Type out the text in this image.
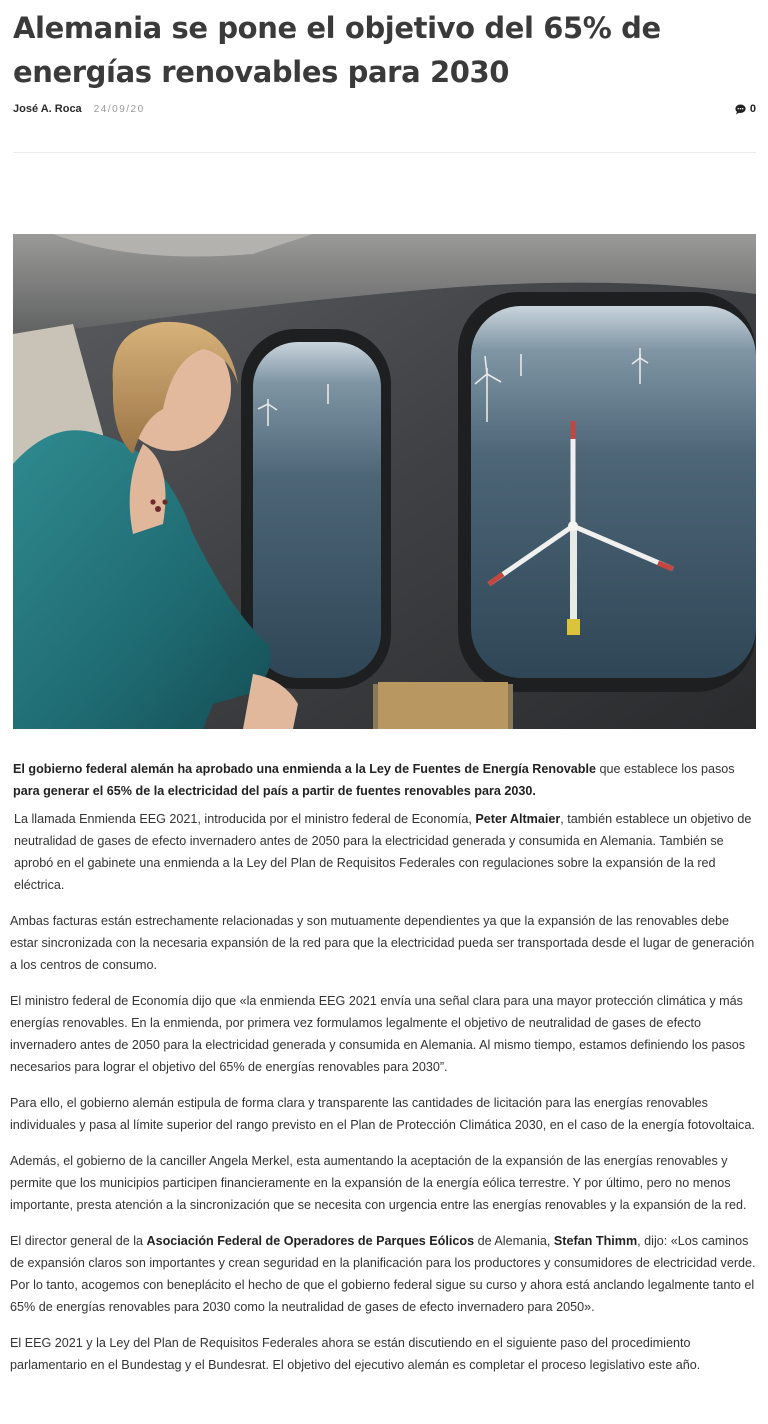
Alemania se pone el objetivo del 65% de energías renovables para 2030
José A. Roca 24/09/20	0

El gobierno federal alemán ha aprobado una enmienda a la Ley de Fuentes de Energía Renovable que establece los pasos para generar el 65% de la electricidad del país a partir de fuentes renovables para 2030.

La llamada Enmienda EEG 2021, introducida por el ministro federal de Economía, Peter Altmaier, también establece un objetivo de neutralidad de gases de efecto invernadero antes de 2050 para la electricidad generada y consumida en Alemania. También se aprobó en el gabinete una enmienda a la Ley del Plan de Requisitos Federales con regulaciones sobre la expansión de la red eléctrica.

Ambas facturas están estrechamente relacionadas y son mutuamente dependientes ya que la expansión de las renovables debe estar sincronizada con la necesaria expansión de la red para que la electricidad pueda ser transportada desde el lugar de generación a los centros de consumo.

El ministro federal de Economía dijo que «la enmienda EEG 2021 envía una señal clara para una mayor protección climática y más energías renovables. En la enmienda, por primera vez formulamos legalmente el objetivo de neutralidad de gases de efecto invernadero antes de 2050 para la electricidad generada y consumida en Alemania. Al mismo tiempo, estamos definiendo los pasos necesarios para lograr el objetivo del 65% de energías renovables para 2030”.

Para ello, el gobierno alemán estipula de forma clara y transparente las cantidades de licitación para las energías renovables individuales y pasa al límite superior del rango previsto en el Plan de Protección Climática 2030, en el caso de la energía fotovoltaica.

Además, el gobierno de la canciller Angela Merkel, esta aumentando la aceptación de la expansión de las energías renovables y permite que los municipios participen financieramente en la expansión de la energía eólica terrestre. Y por último, pero no menos importante, presta atención a la sincronización que se necesita con urgencia entre las energías renovables y la expansión de la red.

El director general de la Asociación Federal de Operadores de Parques Eólicos de Alemania, Stefan Thimm, dijo: «Los caminos de expansión claros son importantes y crean seguridad en la planificación para los productores y consumidores de electricidad verde. Por lo tanto, acogemos con beneplácito el hecho de que el gobierno federal sigue su curso y ahora está anclando legalmente tanto el 65% de energías renovables para 2030 como la neutralidad de gases de efecto invernadero para 2050».

El EEG 2021 y la Ley del Plan de Requisitos Federales ahora se están discutiendo en el siguiente paso del procedimiento parlamentario en el Bundestag y el Bundesrat. El objetivo del ejecutivo alemán es completar el proceso legislativo este año.
